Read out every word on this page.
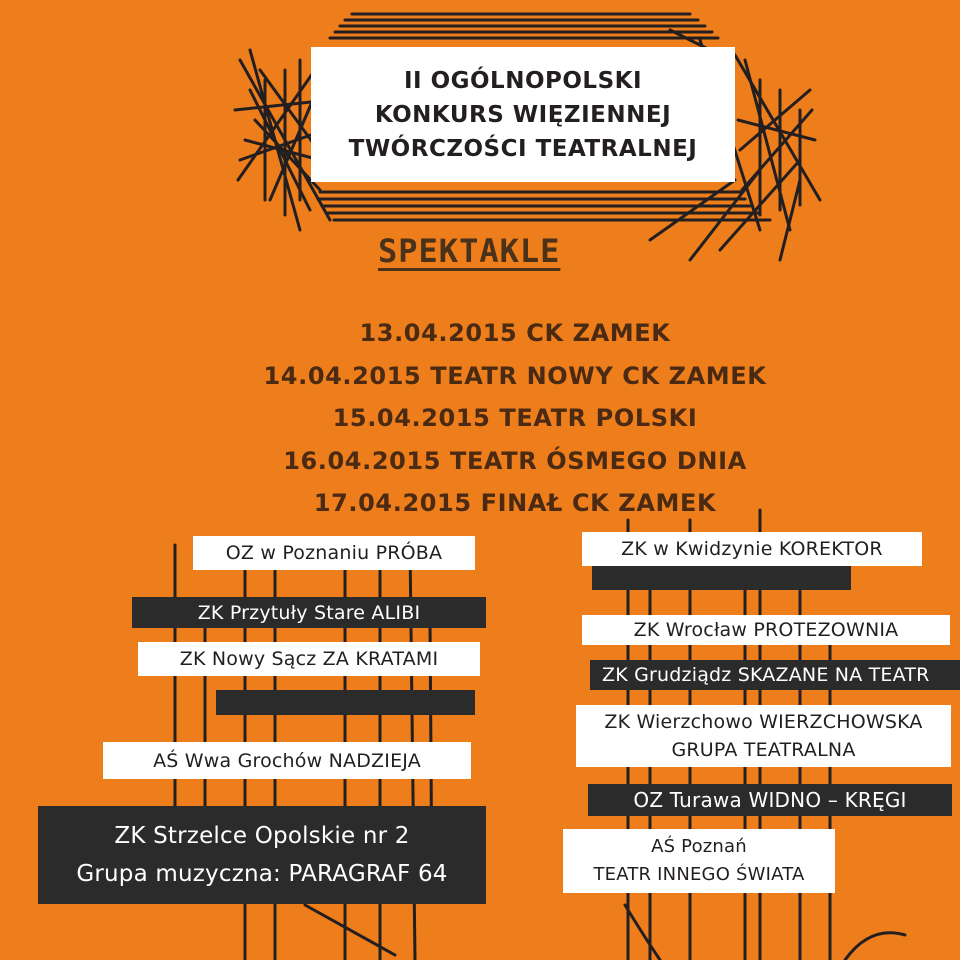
II OGÓLNOPOLSKI
KONKURS WIĘZIENNEJ
TWÓRCZOŚCI TEATRALNEJ
SPEKTAKLE
13.04.2015 CK ZAMEK
14.04.2015 TEATR NOWY CK ZAMEK
15.04.2015 TEATR POLSKI
16.04.2015 TEATR ÓSMEGO DNIA
17.04.2015 FINAŁ CK ZAMEK
OZ w Poznaniu PRÓBA
ZK Przytuły Stare ALIBI
ZK Nowy Sącz ZA KRATAMI
AŚ Wwa Grochów NADZIEJA
ZK Strzelce Opolskie nr 2
Grupa muzyczna: PARAGRAF 64
ZK w Kwidzynie KOREKTOR
ZK Wrocław PROTEZOWNIA
ZK Grudziądz SKAZANE NA TEATR
ZK Wierzchowo WIERZCHOWSKA
GRUPA TEATRALNA
OZ Turawa WIDNO – KRĘGI
AŚ Poznań
TEATR INNEGO ŚWIATA
